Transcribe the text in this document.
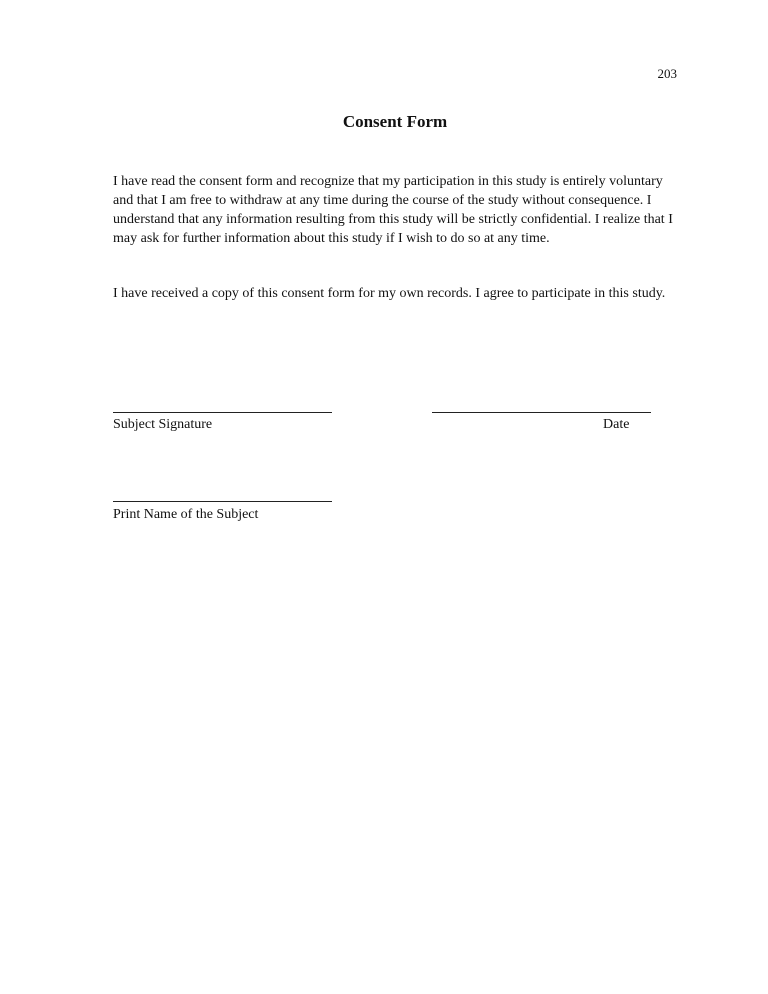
203
Consent Form

I have read the consent form and recognize that my participation in this study is entirely voluntary and that I am free to withdraw at any time during the course of the study without consequence. I understand that any information resulting from this study will be strictly confidential. I realize that I may ask for further information about this study if I wish to do so at any time.

I have received a copy of this consent form for my own records. I agree to participate in this study.

Subject Signature	Date
Print Name of the Subject
